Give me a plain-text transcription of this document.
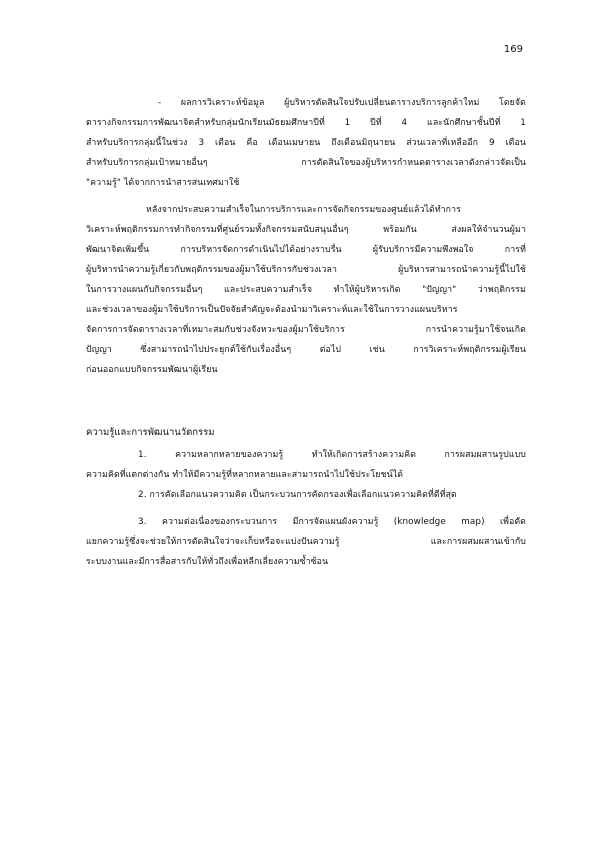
169
- ผลการวิเคราะห์ข้อมูล ผู้บริหารตัดสินใจปรับเปลี่ยนตารางบริการลูกค้าใหม่ โดยจัด
ตารางกิจกรรมการพัฒนาจิตสำหรับกลุ่มนักเรียนมัธยมศึกษาปีที่ 1 ปีที่ 4 และนักศึกษาชั้นปีที่ 1
สำหรับบริการกลุ่มนี้ในช่วง 3 เดือน คือ เดือนเมษายน ถึงเดือนมิถุนายน ส่วนเวลาที่เหลืออีก 9 เดือน
สำหรับบริการกลุ่มเป้าหมายอื่นๆ การตัดสินใจของผู้บริหารกำหนดตารางเวลาดังกล่าวจัดเป็น
"ความรู้" ได้จากการนำสารสนเทศมาใช้
หลังจากประสบความสำเร็จในการบริการและการจัดกิจกรรมของศูนย์แล้วได้ทำการ
วิเคราะห์พฤติกรรมการทำกิจกรรมที่ศูนย์รวมทั้งกิจกรรมสนับสนุนอื่นๆ พร้อมกัน ส่งผลให้จำนวนผู้มา
พัฒนาจิตเพิ่มขึ้น การบริหารจัดการดำเนินไปได้อย่างราบรื่น ผู้รับบริการมีความพึงพอใจ การที่
ผู้บริหารนำความรู้เกี่ยวกับพฤติกรรมของผู้มาใช้บริการกับช่วงเวลา ผู้บริหารสามารถนำความรู้นี้ไปใช้
ในการวางแผนกับกิจกรรมอื่นๆ และประสบความสำเร็จ ทำให้ผู้บริหารเกิด "ปัญญา" ว่าพฤติกรรม
และช่วงเวลาของผู้มาใช้บริการเป็นปัจจัยสำคัญจะต้องนำมาวิเคราะห์และใช้ในการวางแผนบริหาร
จัดการการจัดตารางเวลาที่เหมาะสมกับช่วงจังหวะของผู้มาใช้บริการ การนำความรู้มาใช้จนเกิด
ปัญญา ซึ่งสามารถนำไปประยุกต์ใช้กับเรื่องอื่นๆ ต่อไป เช่น การวิเคราะห์พฤติกรรมผู้เรียน
ก่อนออกแบบกิจกรรมพัฒนาผู้เรียน
ความรู้และการพัฒนานวัตกรรม
1. ความหลากหลายของความรู้ ทำให้เกิดการสร้างความคิด การผสมผสานรูปแบบ
ความคิดที่แตกต่างกัน ทำให้มีความรู้ที่หลากหลายและสามารถนำไปใช้ประโยชน์ได้
2. การคัดเลือกแนวความคิด เป็นกระบวนการคัดกรองเพื่อเลือกแนวความคิดที่ดีที่สุด
3. ความต่อเนื่องของกระบวนการ มีการจัดแผนผังความรู้ (knowledge map) เพื่อตัด
แยกความรู้ซึ่งจะช่วยให้การตัดสินใจว่าจะเก็บหรือจะแบ่งปันความรู้ และการผสมผสานเข้ากับ
ระบบงานและมีการสื่อสารกับให้ทั่วถึงเพื่อหลีกเลี่ยงความซ้ำซ้อน
